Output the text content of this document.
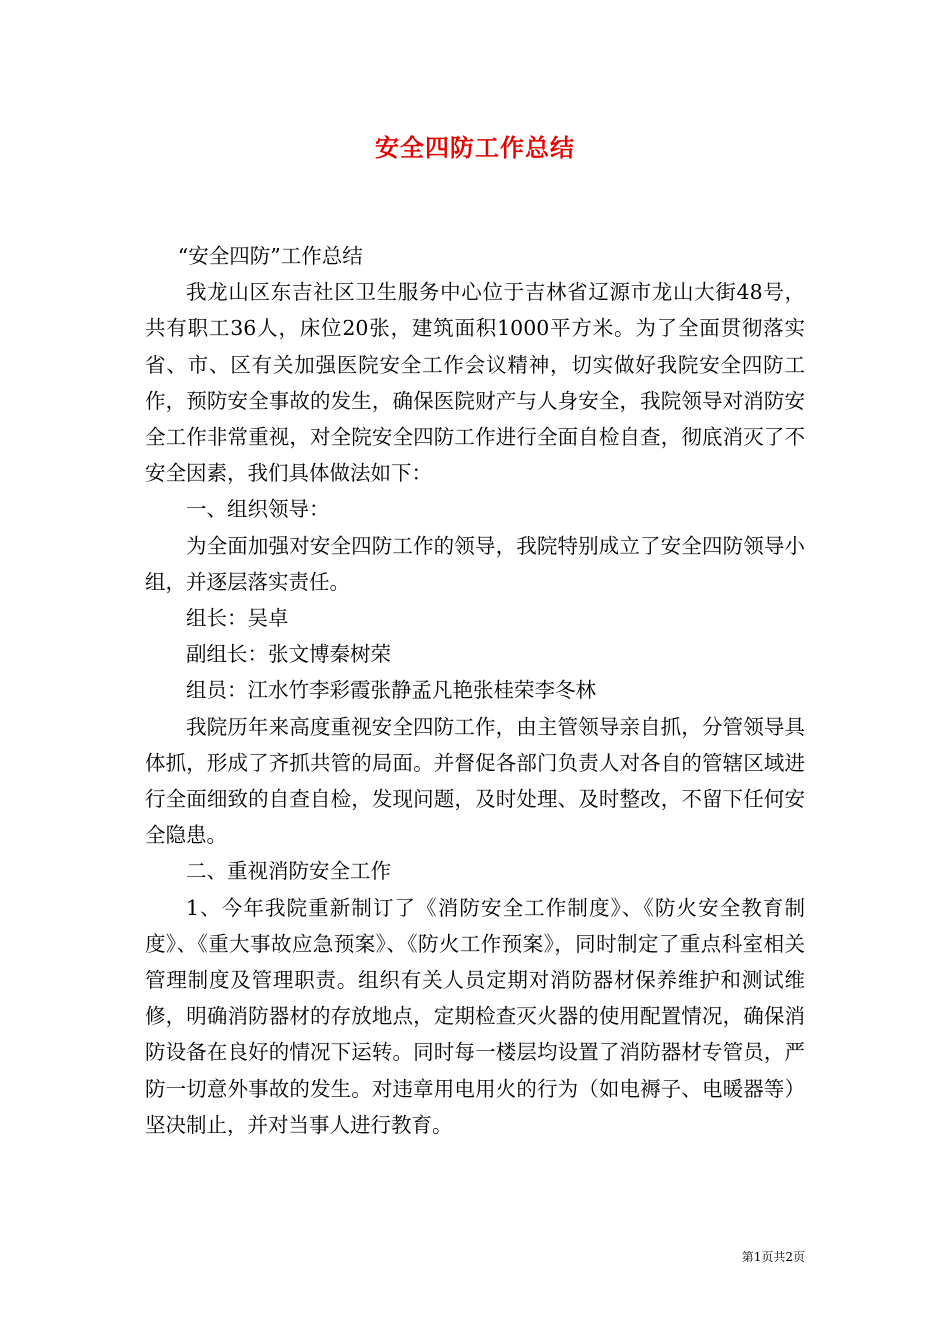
安全四防工作总结

“安全四防”工作总结

我龙山区东吉社区卫生服务中心位于吉林省辽源市龙山大街48号，共有职工36人，床位20张，建筑面积1000平方米。为了全面贯彻落实省、市、区有关加强医院安全工作会议精神，切实做好我院安全四防工作，预防安全事故的发生，确保医院财产与人身安全，我院领导对消防安全工作非常重视，对全院安全四防工作进行全面自检自查，彻底消灭了不安全因素，我们具体做法如下：

一、组织领导：

为全面加强对安全四防工作的领导，我院特别成立了安全四防领导小组，并逐层落实责任。

组长：吴卓

副组长：张文博秦树荣

组员：江水竹李彩霞张静孟凡艳张桂荣李冬林

我院历年来高度重视安全四防工作，由主管领导亲自抓，分管领导具体抓，形成了齐抓共管的局面。并督促各部门负责人对各自的管辖区域进行全面细致的自查自检，发现问题，及时处理、及时整改，不留下任何安全隐患。

二、重视消防安全工作

1、今年我院重新制订了《消防安全工作制度》、《防火安全教育制度》、《重大事故应急预案》、《防火工作预案》，同时制定了重点科室相关管理制度及管理职责。组织有关人员定期对消防器材保养维护和测试维修，明确消防器材的存放地点，定期检查灭火器的使用配置情况，确保消防设备在良好的情况下运转。同时每一楼层均设置了消防器材专管员，严防一切意外事故的发生。对违章用电用火的行为（如电褥子、电暖器等）坚决制止，并对当事人进行教育。

第1页共2页
